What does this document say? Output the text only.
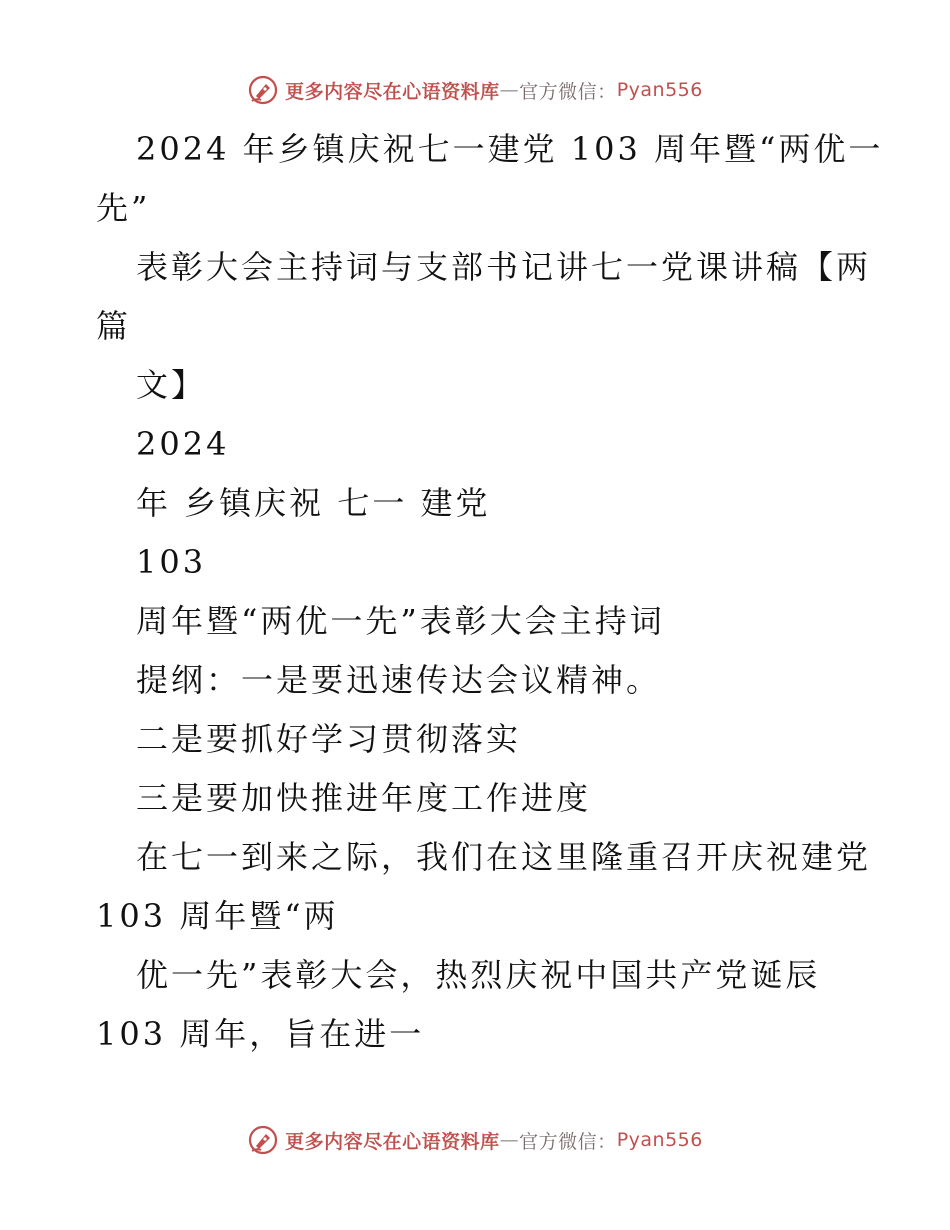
更多内容尽在心语资料库 — 官方微信： Pyan556
2024 年乡镇庆祝七一建党 103 周年暨“两优一
先”
表彰大会主持词与支部书记讲七一党课讲稿【两
篇
文】
2024
年 乡镇庆祝 七一 建党
103
周年暨“两优一先”表彰大会主持词
提纲：一是要迅速传达会议精神。
二是要抓好学习贯彻落实
三是要加快推进年度工作进度
在七一到来之际，我们在这里隆重召开庆祝建党
103 周年暨“两
优一先”表彰大会，热烈庆祝中国共产党诞辰
103 周年，旨在进一
更多内容尽在心语资料库 — 官方微信： Pyan556
